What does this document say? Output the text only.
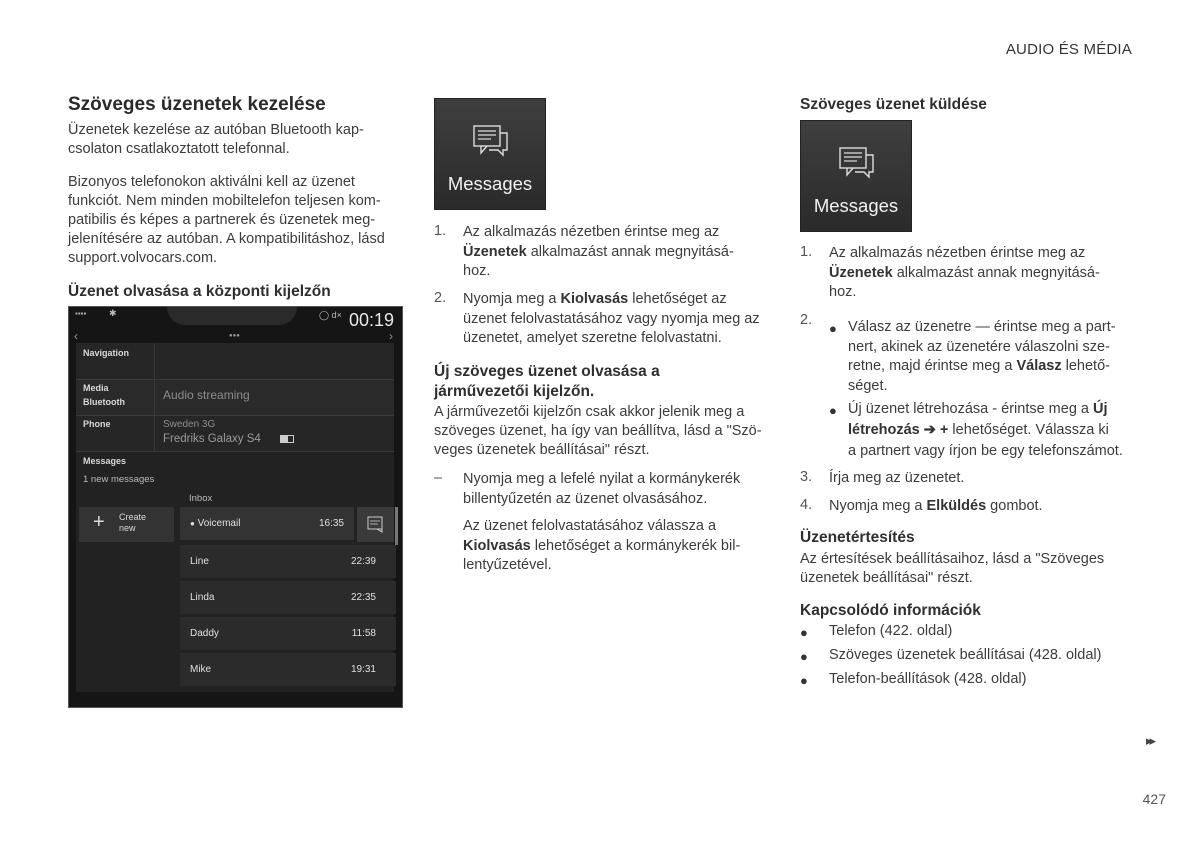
AUDIO ÉS MÉDIA
Szöveges üzenetek kezelése
Üzenetek kezelése az autóban Bluetooth kap-
csolaton csatlakoztatott telefonnal.
Bizonyos telefonokon aktiválni kell az üzenet
funkciót. Nem minden mobiltelefon teljesen kom-
patibilis és képes a partnerek és üzenetek meg-
jelenítésére az autóban. A kompatibilitáshoz, lásd
support.volvocars.com.
Üzenet olvasása a központi kijelzőn
▪▪▪▪	✱	◯ d× 00:19
‹	›
●●●
Navigation
Media
Bluetooth	Audio streaming
Phone	Sweden 3G
Fredriks Galaxy S4
Messages
1 new messages
Inbox
+ Create
new	● Voicemail	16:35
Line	22:39
Linda	22:35
Daddy	11:58
Mike	19:31
Messages
1.	Az alkalmazás nézetben érintse meg az
Üzenetek alkalmazást annak megnyitásá-
hoz.
2.	Nyomja meg a Kiolvasás lehetőséget az
üzenet felolvastatásához vagy nyomja meg az
üzenetet, amelyet szeretne felolvastatni.
Új szöveges üzenet olvasása a
járművezetői kijelzőn.
A járművezetői kijelzőn csak akkor jelenik meg a
szöveges üzenet, ha így van beállítva, lásd a "Szö-
veges üzenetek beállításai" részt.
–	Nyomja meg a lefelé nyilat a kormánykerék
billentyűzetén az üzenet olvasásához.
Az üzenet felolvastatásához válassza a
Kiolvasás lehetőséget a kormánykerék bil-
lentyűzetével.
Szöveges üzenet küldése
Messages
1.	Az alkalmazás nézetben érintse meg az
Üzenetek alkalmazást annak megnyitásá-
hoz.
2.
● Válasz az üzenetre — érintse meg a part-
nert, akinek az üzenetére válaszolni sze-
retne, majd érintse meg a Válasz lehető-
séget.
● Új üzenet létrehozása - érintse meg a Új
létrehozás ➔ + lehetőséget. Válassza ki
a partnert vagy írjon be egy telefonszámot.
3.	Írja meg az üzenetet.
4.	Nyomja meg a Elküldés gombot.
Üzenetértesítés
Az értesítések beállításaihoz, lásd a "Szöveges
üzenetek beállításai" részt.
Kapcsolódó információk
● Telefon (422. oldal)
● Szöveges üzenetek beállításai (428. oldal)
● Telefon-beállítások (428. oldal)
▸▸
427
